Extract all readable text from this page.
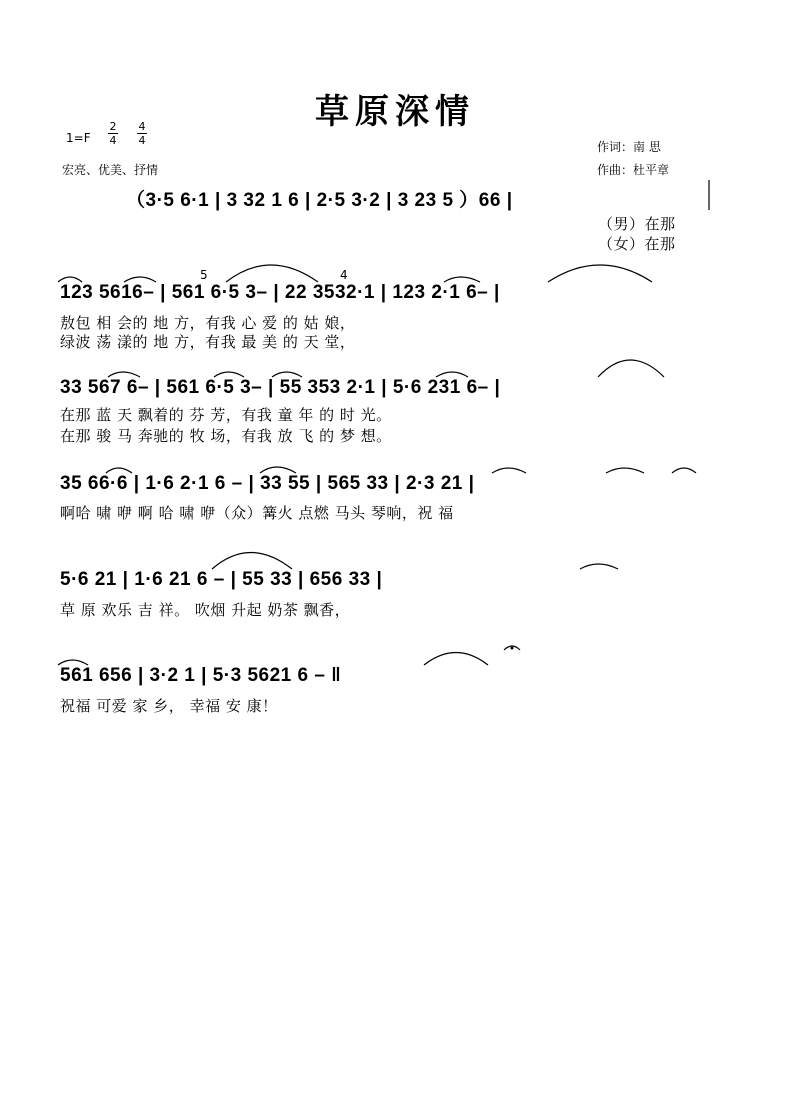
草原深情
1=F
2
4
4
4
宏亮、优美、抒情
作词：南 思
作曲：杜平章
（3·5 6·1 | 3 32 1 6 | 2·5 3·2 | 3 23 5 ）66 |
（男）在那
（女）在那
123 5616– | 561 6·5 3– | 22 3532·1 | 123 2·1 6– |
5	4
敖包 相 会的 地 方，有我 心 爱 的 姑 娘，
绿波 荡 漾的 地 方，有我 最 美 的 天 堂，
33 567 6– | 561 6·5 3– | 55 353 2·1 | 5·6 231 6– |
在那 蓝 天 飘着的 芬 芳，有我 童 年 的 时 光。
在那 骏 马 奔驰的 牧 场，有我 放 飞 的 梦 想。
35 66·6 | 1·6 2·1 6 – | 33 55 | 565 33 | 2·3 21 |
啊哈 啸 咿 啊 哈 啸 咿（众）篝火 点燃 马头 琴响，祝 福
5·6 21 | 1·6 21 6 – | 55 33 | 656 33 |
草 原 欢乐 吉 祥。 吹烟 升起 奶茶 飘香，
561 656 | 3·2 1 | 5·3 5621 6 – ‖
祝福 可爱 家 乡， 幸福 安 康！
